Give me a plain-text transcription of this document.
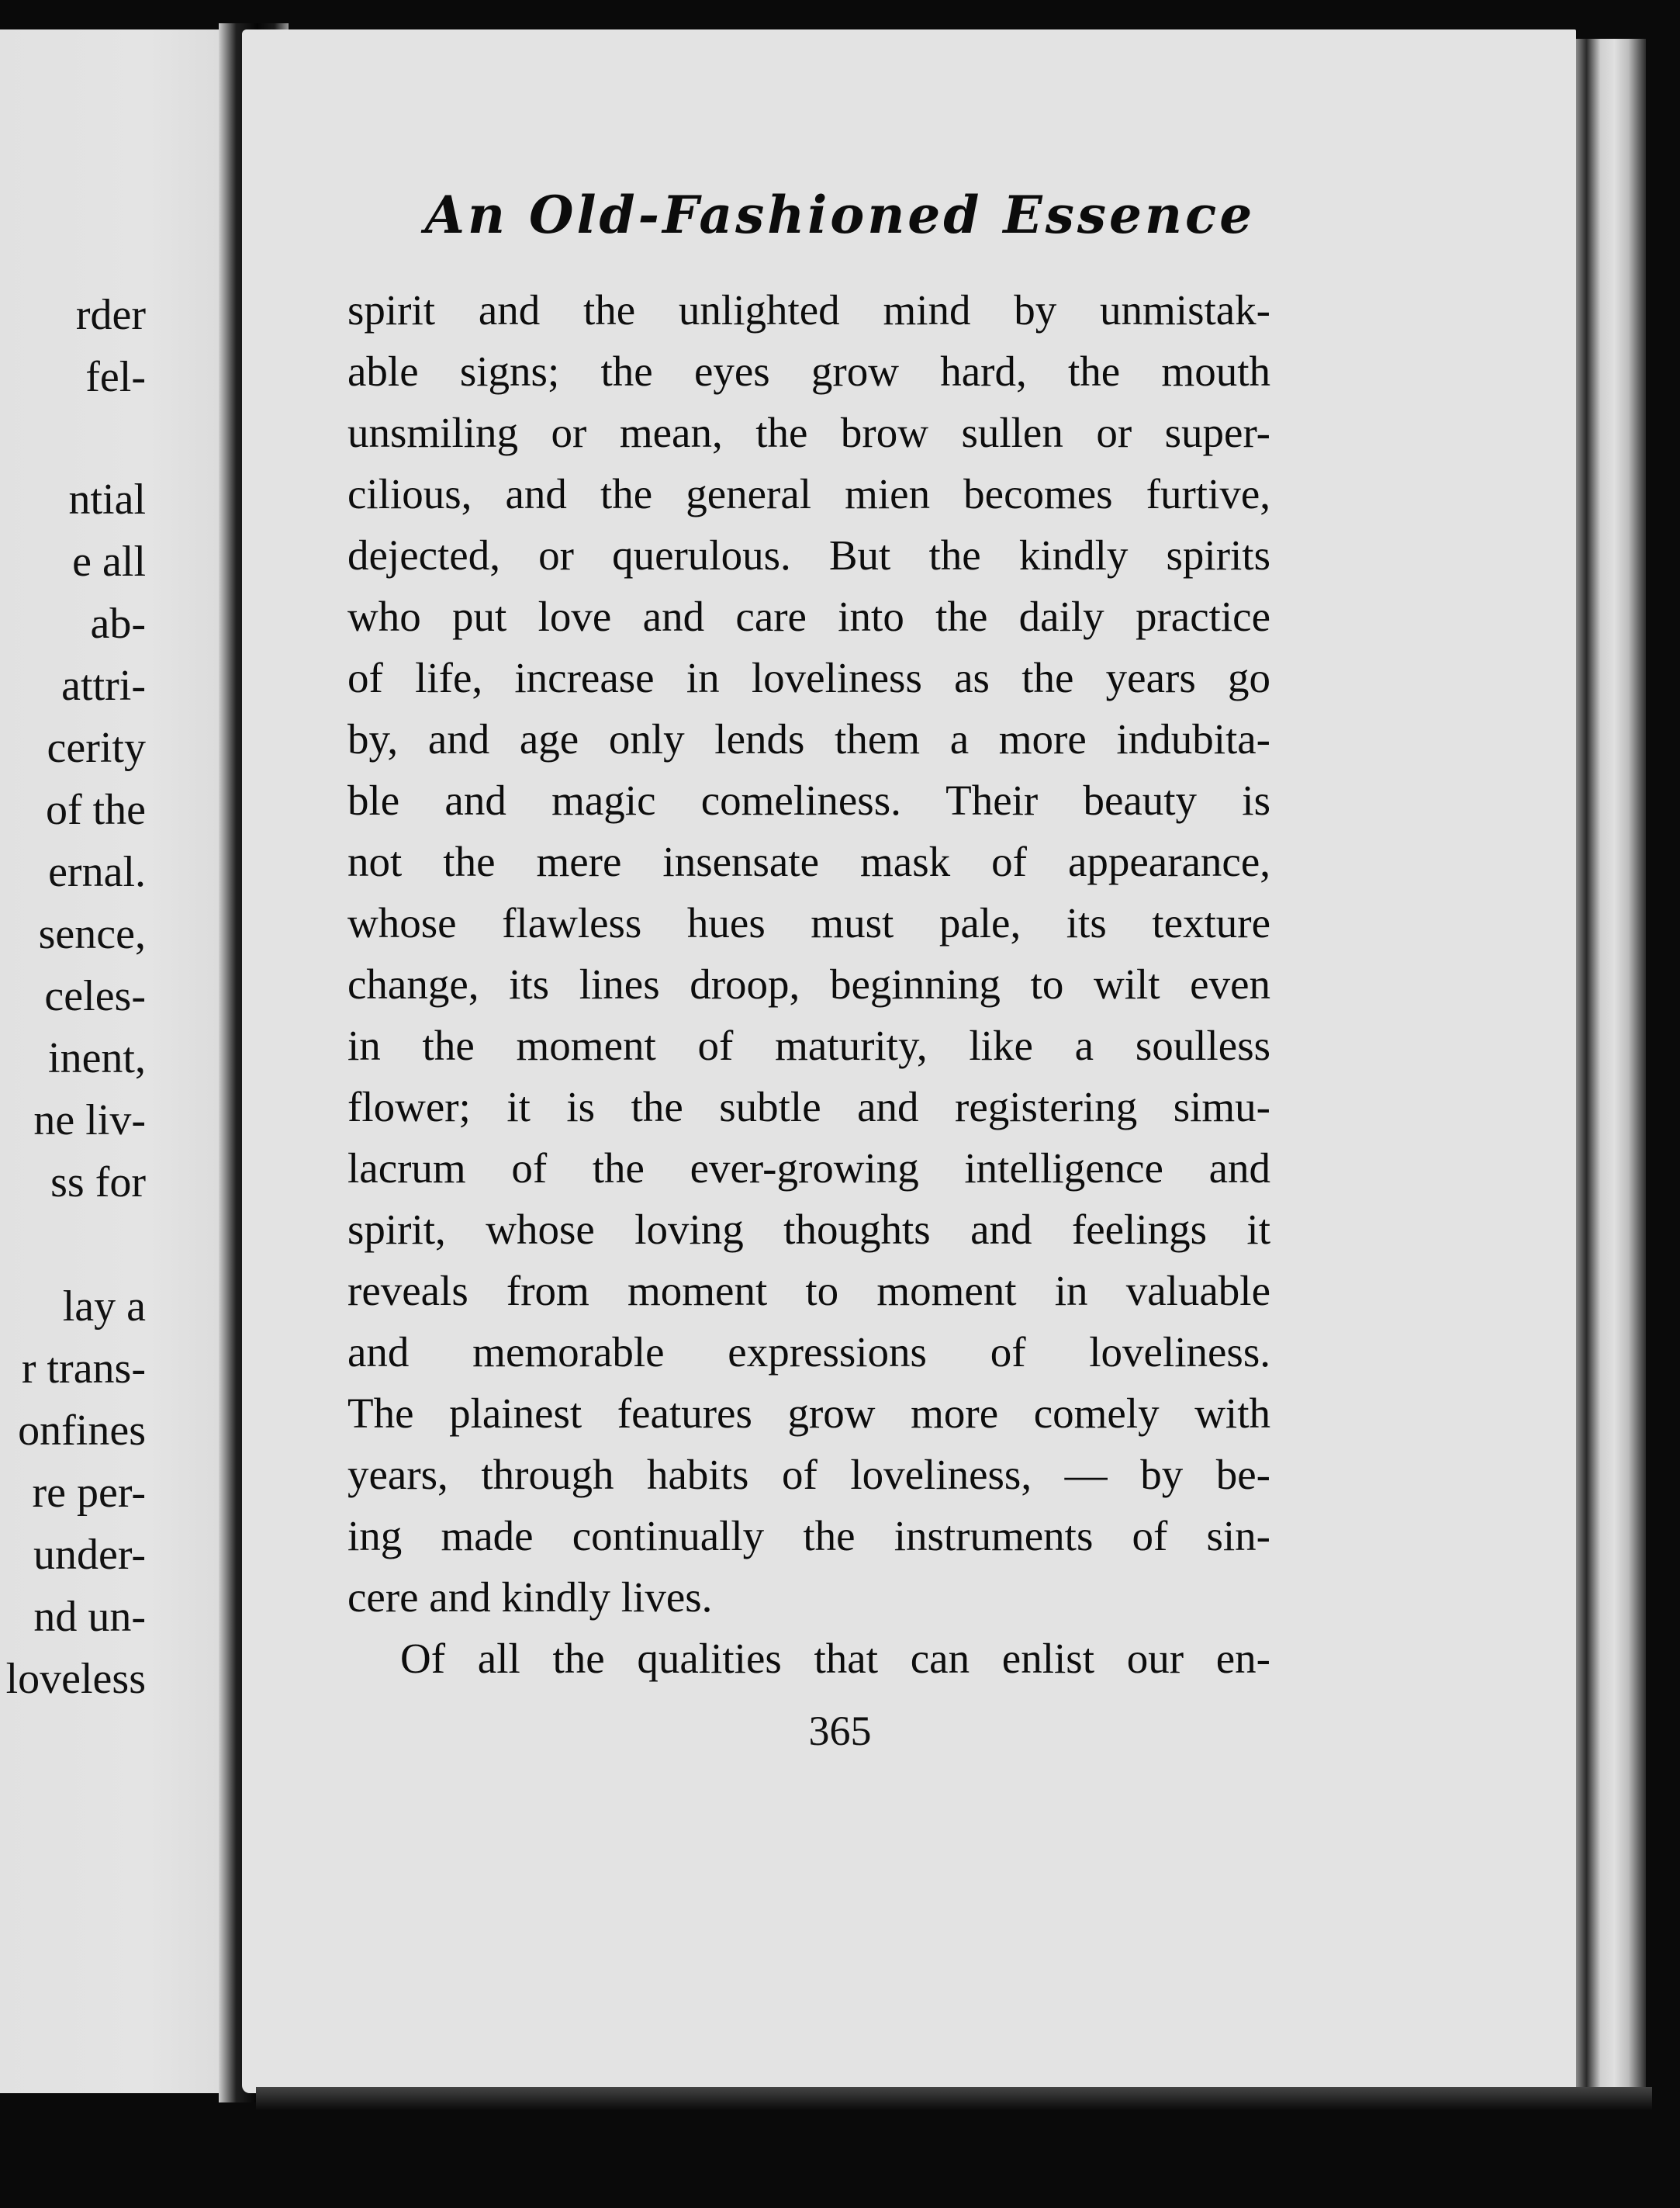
rder
fel-
ntial
e all
ab-
attri-
cerity
of the
ernal.
sence,
celes-
inent,
ne liv-
ss for
lay a
r trans-
onfines
re per-
under-
nd un-
loveless
An Old-Fashioned Essence
spirit and the unlighted mind by unmistak-
able signs; the eyes grow hard, the mouth
unsmiling or mean, the brow sullen or super-
cilious, and the general mien becomes furtive,
dejected, or querulous. But the kindly spirits
who put love and care into the daily practice
of life, increase in loveliness as the years go
by, and age only lends them a more indubita-
ble and magic comeliness. Their beauty is
not the mere insensate mask of appearance,
whose flawless hues must pale, its texture
change, its lines droop, beginning to wilt even
in the moment of maturity, like a soulless
flower; it is the subtle and registering simu-
lacrum of the ever-growing intelligence and
spirit, whose loving thoughts and feelings it
reveals from moment to moment in valuable
and memorable expressions of loveliness.
The plainest features grow more comely with
years, through habits of loveliness, — by be-
ing made continually the instruments of sin-
cere and kindly lives.
Of all the qualities that can enlist our en-
365
